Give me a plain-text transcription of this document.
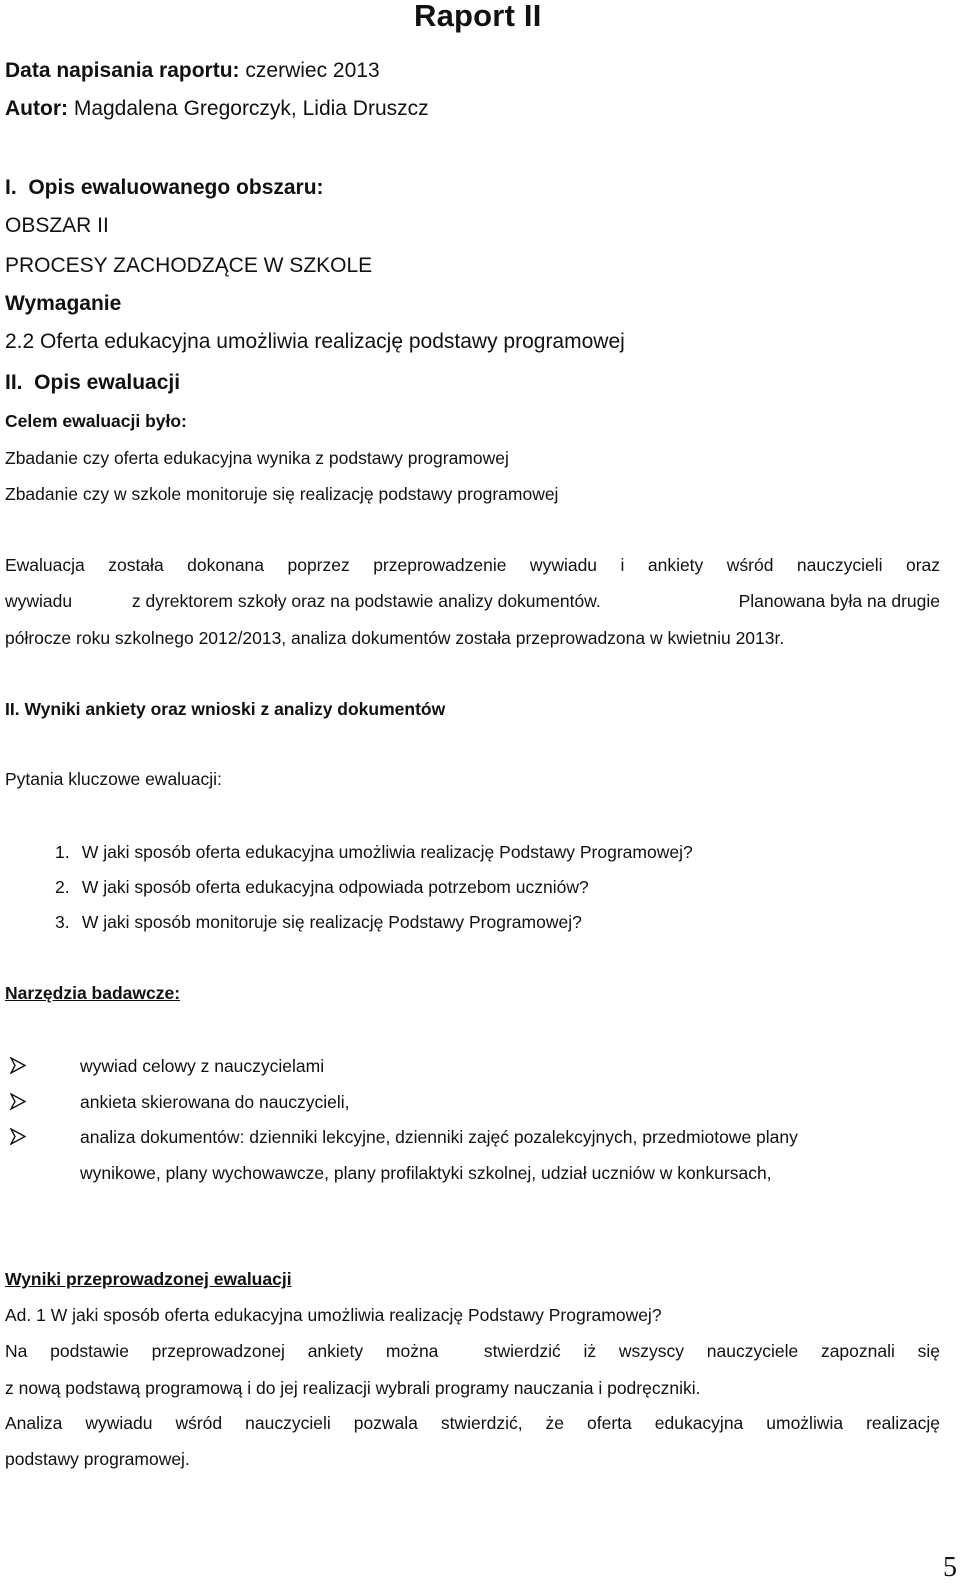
Raport II
Data napisania raportu: czerwiec 2013
Autor: Magdalena Gregorczyk, Lidia Druszcz
I.  Opis ewaluowanego obszaru:
OBSZAR II
PROCESY ZACHODZĄCE W SZKOLE
Wymaganie
2.2 Oferta edukacyjna umożliwia realizację podstawy programowej
II.  Opis ewaluacji
Celem ewaluacji było:
Zbadanie czy oferta edukacyjna wynika z podstawy programowej
Zbadanie czy w szkole monitoruje się realizację podstawy programowej
Ewaluacja została dokonana poprzez przeprowadzenie wywiadu i ankiety wśród nauczycieli oraz
wywiadu	z dyrektorem szkoły oraz na podstawie analizy dokumentów.	Planowana była na drugie
półrocze roku szkolnego 2012/2013, analiza dokumentów została przeprowadzona w kwietniu 2013r.
II. Wyniki ankiety oraz wnioski z analizy dokumentów
Pytania kluczowe ewaluacji:
1. W jaki sposób oferta edukacyjna umożliwia realizację Podstawy Programowej?
2. W jaki sposób oferta edukacyjna odpowiada potrzebom uczniów?
3. W jaki sposób monitoruje się realizację Podstawy Programowej?
Narzędzia badawcze:
wywiad celowy z nauczycielami
ankieta skierowana do nauczycieli,
analiza dokumentów: dzienniki lekcyjne, dzienniki zajęć pozalekcyjnych, przedmiotowe plany
wynikowe, plany wychowawcze, plany profilaktyki szkolnej, udział uczniów w konkursach,
Wyniki przeprowadzonej ewaluacji
Ad. 1 W jaki sposób oferta edukacyjna umożliwia realizację Podstawy Programowej?
Na podstawie przeprowadzonej ankiety można  stwierdzić iż wszyscy nauczyciele zapoznali się
z nową podstawą programową i do jej realizacji wybrali programy nauczania i podręczniki.
Analiza wywiadu wśród nauczycieli pozwala stwierdzić, że oferta edukacyjna umożliwia realizację
podstawy programowej.
5
